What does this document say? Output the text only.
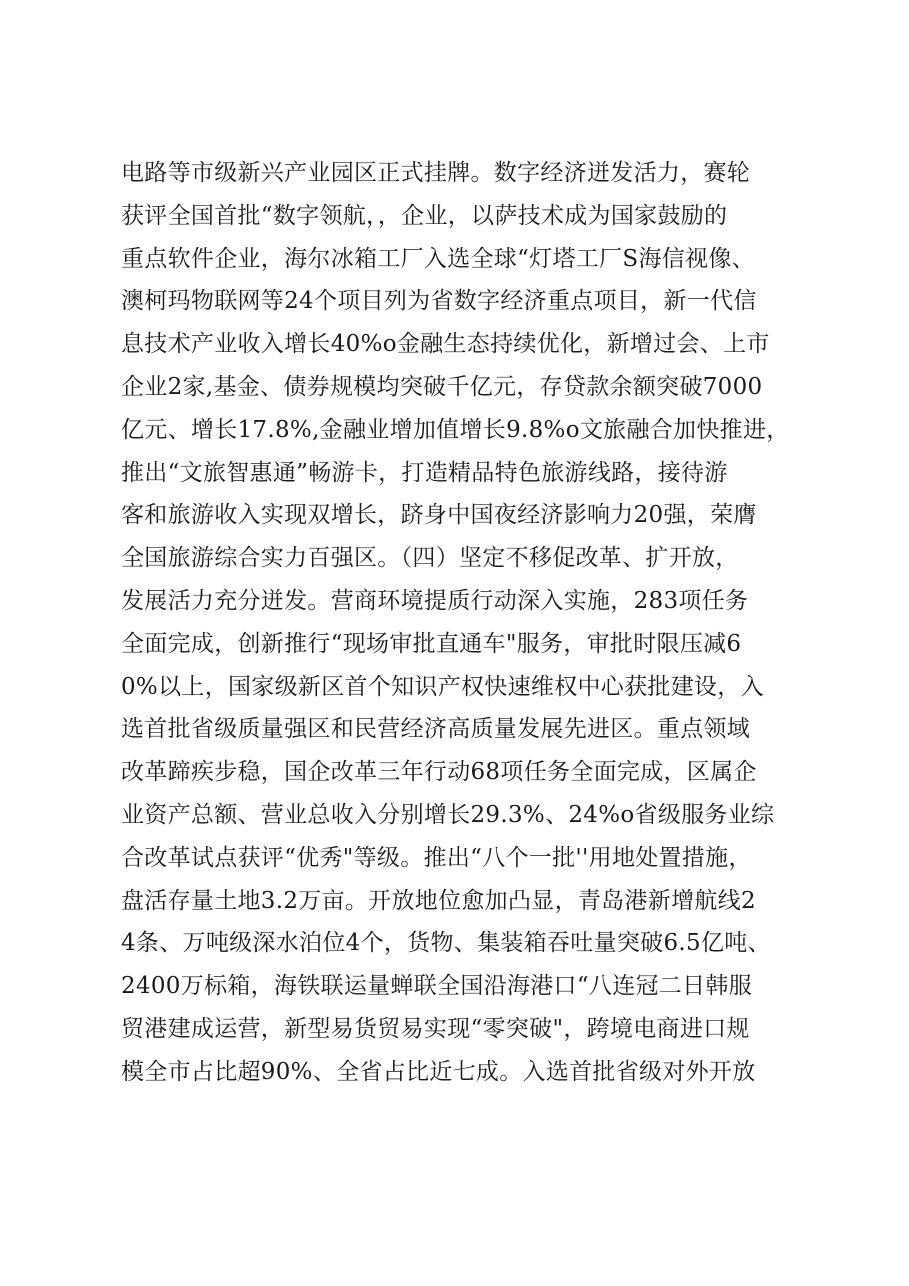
电路等市级新兴产业园区正式挂牌。数字经济迸发活力，赛轮
获评全国首批“数字领航，，企业，以萨技术成为国家鼓励的
重点软件企业，海尔冰箱工厂入选全球“灯塔工厂S海信视像、
澳柯玛物联网等24个项目列为省数字经济重点项目，新一代信
息技术产业收入增长40%o金融生态持续优化，新增过会、上市
企业2家,基金、债券规模均突破千亿元，存贷款余额突破7000
亿元、增长17.8%,金融业增加值增长9.8%o文旅融合加快推进，
推出“文旅智惠通”畅游卡，打造精品特色旅游线路，接待游
客和旅游收入实现双增长，跻身中国夜经济影响力20强，荣膺
全国旅游综合实力百强区。（四）坚定不移促改革、扩开放，
发展活力充分迸发。营商环境提质行动深入实施，283项任务
全面完成，创新推行“现场审批直通车"服务，审批时限压减6
0%以上，国家级新区首个知识产权快速维权中心获批建设，入
选首批省级质量强区和民营经济高质量发展先进区。重点领域
改革蹄疾步稳，国企改革三年行动68项任务全面完成，区属企
业资产总额、营业总收入分别增长29.3%、24%o省级服务业综
合改革试点获评“优秀"等级。推出“八个一批''用地处置措施，
盘活存量土地3.2万亩。开放地位愈加凸显，青岛港新增航线2
4条、万吨级深水泊位4个，货物、集装箱吞吐量突破6.5亿吨、
2400万标箱，海铁联运量蝉联全国沿海港口“八连冠二日韩服
贸港建成运营，新型易货贸易实现“零突破"，跨境电商进口规
模全市占比超90%、全省占比近七成。入选首批省级对外开放
